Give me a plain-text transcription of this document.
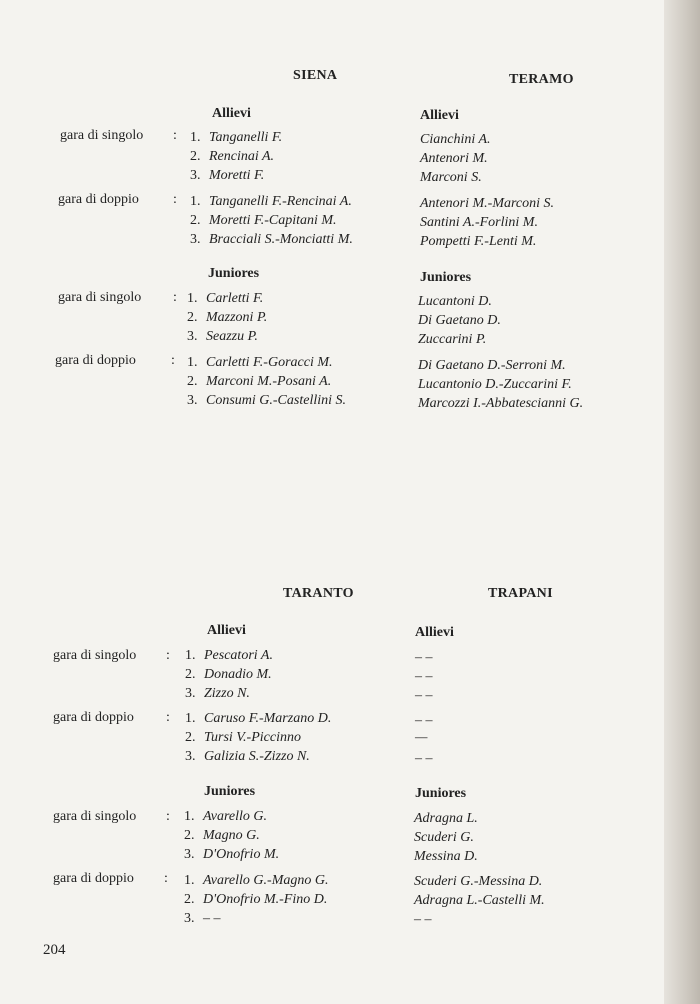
SIENA	TERAMO
Allievi	Allievi
gara di singolo : 1. Tanganelli F.	Cianchini A.
2. Rencinai A.	Antenori M.
3. Moretti F.	Marconi S.
gara di doppio : 1. Tanganelli F.-Rencinai A.	Antenori M.-Marconi S.
2. Moretti F.-Capitani M.	Santini A.-Forlini M.
3. Bracciali S.-Monciatti M.	Pompetti F.-Lenti M.
Juniores	Juniores
gara di singolo : 1. Carletti F.	Lucantoni D.
2. Mazzoni P.	Di Gaetano D.
3. Seazzu P.	Zuccarini P.
gara di doppio	: 1. Carletti F.-Goracci M.	Di Gaetano D.-Serroni M.
2. Marconi M.-Posani A.	Lucantonio D.-Zuccarini F.
3. Consumi G.-Castellini S.	Marcozzi I.-Abbatescianni G.
TARANTO	TRAPANI
Allievi	Allievi
gara di singolo : 1. Pescatori A.	– –
2. Donadio M.	– –
3. Zizzo N.	– –
gara di doppio : 1. Caruso F.-Marzano D.	– –
2. Tursi V.-Piccinno	—
3. Galizia S.-Zizzo N.	– –
Juniores	Juniores
gara di singolo : 1. Avarello G.	Adragna L.
2. Magno G.	Scuderi G.
3. D'Onofrio M.	Messina D.
gara di doppio : 1. Avarello G.-Magno G.	Scuderi G.-Messina D.
2. D'Onofrio M.-Fino D.	Adragna L.-Castelli M.
3. – –	– –
204
